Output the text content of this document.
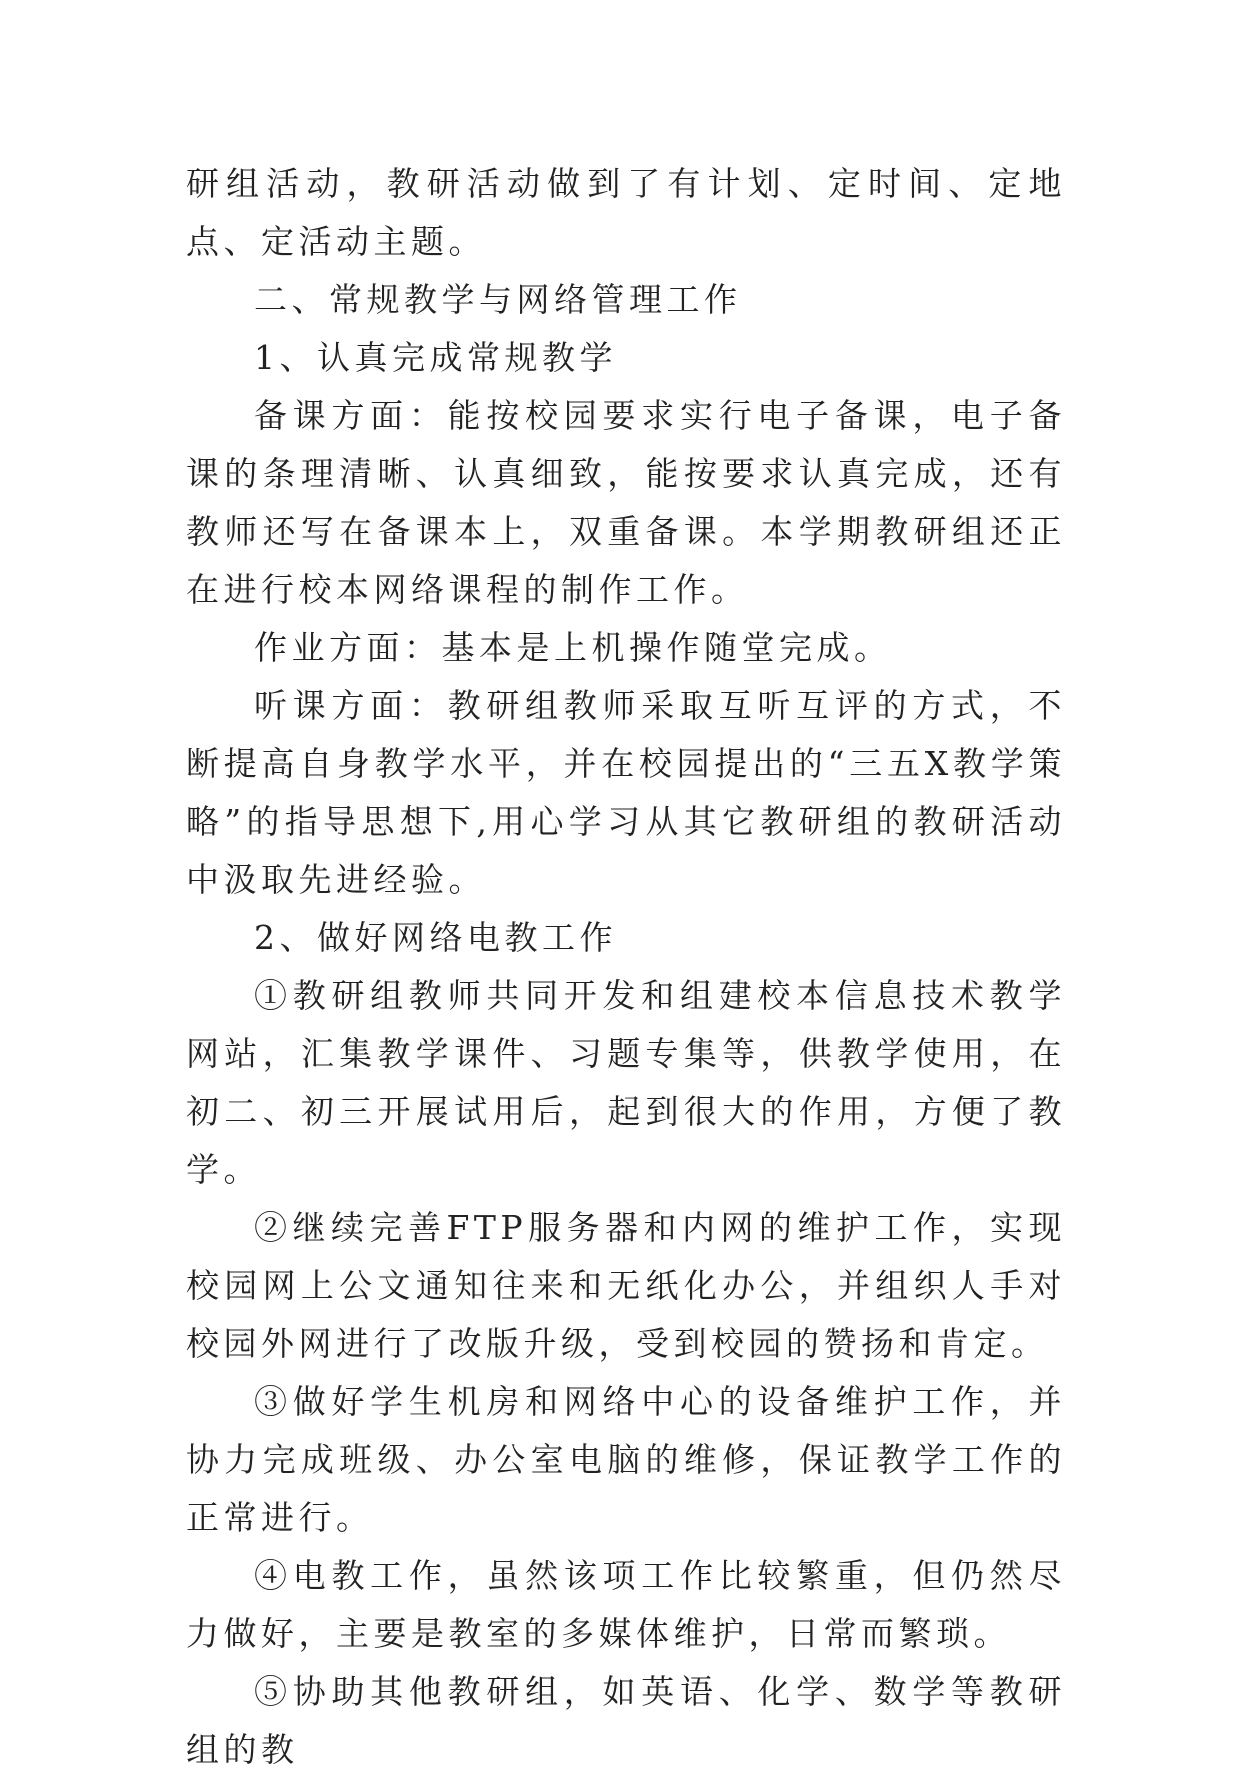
研组活动，教研活动做到了有计划、定时间、定地点、定活动主题。

二、常规教学与网络管理工作

1、认真完成常规教学

备课方面：能按校园要求实行电子备课，电子备课的条理清晰、认真细致，能按要求认真完成，还有教师还写在备课本上，双重备课。本学期教研组还正在进行校本网络课程的制作工作。

作业方面：基本是上机操作随堂完成。

听课方面：教研组教师采取互听互评的方式，不断提高自身教学水平，并在校园提出的“三五X教学策略”的指导思想下,用心学习从其它教研组的教研活动中汲取先进经验。

2、做好网络电教工作

①教研组教师共同开发和组建校本信息技术教学网站，汇集教学课件、习题专集等，供教学使用，在初二、初三开展试用后，起到很大的作用，方便了教学。

②继续完善FTP服务器和内网的维护工作，实现校园网上公文通知往来和无纸化办公，并组织人手对校园外网进行了改版升级，受到校园的赞扬和肯定。

③做好学生机房和网络中心的设备维护工作，并协力完成班级、办公室电脑的维修，保证教学工作的正常进行。

④电教工作，虽然该项工作比较繁重，但仍然尽力做好，主要是教室的多媒体维护，日常而繁琐。

⑤协助其他教研组，如英语、化学、数学等教研组的教
